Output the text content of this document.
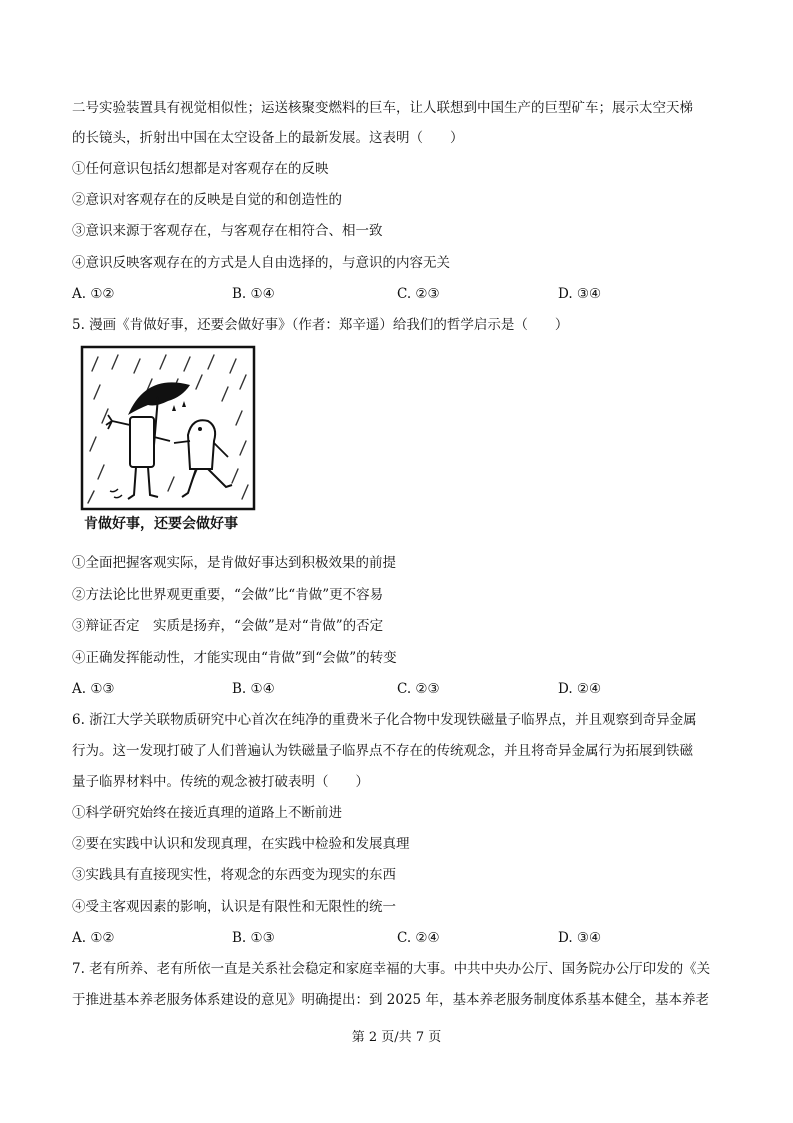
二号实验装置具有视觉相似性；运送核聚变燃料的巨车，让人联想到中国生产的巨型矿车；展示太空天梯
的长镜头，折射出中国在太空设备上的最新发展。这表明（　　）
①任何意识包括幻想都是对客观存在的反映
②意识对客观存在的反映是自觉的和创造性的
③意识来源于客观存在，与客观存在相符合、相一致
④意识反映客观存在的方式是人自由选择的，与意识的内容无关
A. ①②	B. ①④	C. ②③	D. ③④
5. 漫画《肯做好事，还要会做好事》（作者：郑辛遥）给我们的哲学启示是（　　）
肯做好事，还要会做好事
①全面把握客观实际，是肯做好事达到积极效果的前提
②方法论比世界观更重要，“会做”比“肯做”更不容易
③辩证否定　实质是扬弃，“会做”是对“肯做”的否定
④正确发挥能动性，才能实现由“肯做”到“会做”的转变
A. ①③	B. ①④	C. ②③	D. ②④
6. 浙江大学关联物质研究中心首次在纯净的重费米子化合物中发现铁磁量子临界点，并且观察到奇异金属
行为。这一发现打破了人们普遍认为铁磁量子临界点不存在的传统观念，并且将奇异金属行为拓展到铁磁
量子临界材料中。传统的观念被打破表明（　　）
①科学研究始终在接近真理的道路上不断前进
②要在实践中认识和发现真理，在实践中检验和发展真理
③实践具有直接现实性，将观念的东西变为现实的东西
④受主客观因素的影响，认识是有限性和无限性的统一
A. ①②	B. ①③	C. ②④	D. ③④
7. 老有所养、老有所依一直是关系社会稳定和家庭幸福的大事。中共中央办公厅、国务院办公厅印发的《关
于推进基本养老服务体系建设的意见》明确提出：到 2025 年，基本养老服务制度体系基本健全，基本养老
第 2 页/共 7 页
